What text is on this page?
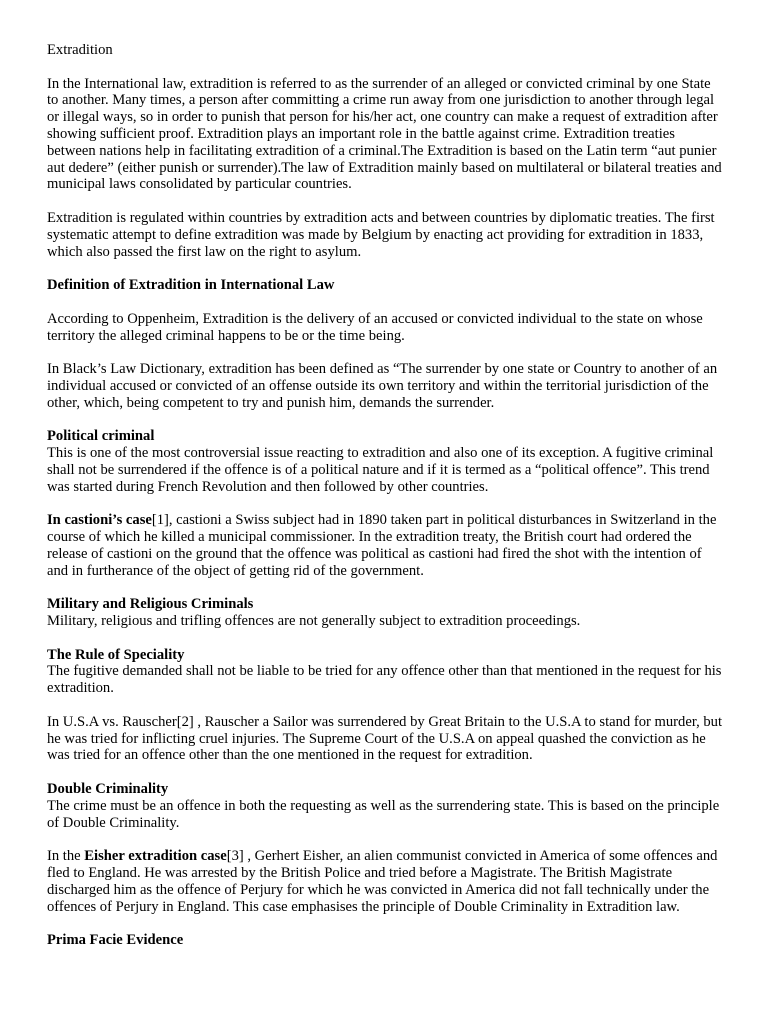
Extradition

In the International law, extradition is referred to as the surrender of an alleged or convicted criminal by one State to another. Many times, a person after committing a crime run away from one jurisdiction to another through legal or illegal ways, so in order to punish that person for his/her act, one country can make a request of extradition after showing sufficient proof. Extradition plays an important role in the battle against crime. Extradition treaties between nations help in facilitating extradition of a criminal.The Extradition is based on the Latin term “aut punier aut dedere” (either punish or surrender).The law of Extradition mainly based on multilateral or bilateral treaties and municipal laws consolidated by particular countries.

Extradition is regulated within countries by extradition acts and between countries by diplomatic treaties. The first systematic attempt to define extradition was made by Belgium by enacting act providing for extradition in 1833, which also passed the first law on the right to asylum.

Definition of Extradition in International Law

According to Oppenheim, Extradition is the delivery of an accused or convicted individual to the state on whose territory the alleged criminal happens to be or the time being.

In Black’s Law Dictionary, extradition has been defined as “The surrender by one state or Country to another of an individual accused or convicted of an offense outside its own territory and within the territorial jurisdiction of the other, which, being competent to try and punish him, demands the surrender.

Political criminal

This is one of the most controversial issue reacting to extradition and also one of its exception. A fugitive criminal shall not be surrendered if the offence is of a political nature and if it is termed as a “political offence”. This trend was started during French Revolution and then followed by other countries.

In castioni’s case[1], castioni a Swiss subject had in 1890 taken part in political disturbances in Switzerland in the course of which he killed a municipal commissioner. In the extradition treaty, the British court had ordered the release of castioni on the ground that the offence was political as castioni had fired the shot with the intention of and in furtherance of the object of getting rid of the government.

Military and Religious Criminals

Military, religious and trifling offences are not generally subject to extradition proceedings.

The Rule of Speciality

The fugitive demanded shall not be liable to be tried for any offence other than that mentioned in the request for his extradition.

In U.S.A vs. Rauscher[2] , Rauscher a Sailor was surrendered by Great Britain to the U.S.A to stand for murder, but he was tried for inflicting cruel injuries. The Supreme Court of the U.S.A on appeal quashed the conviction as he was tried for an offence other than the one mentioned in the request for extradition.

Double Criminality

The crime must be an offence in both the requesting as well as the surrendering state. This is based on the principle of Double Criminality.

In the Eisher extradition case[3] , Gerhert Eisher, an alien communist convicted in America of some offences and fled to England. He was arrested by the British Police and tried before a Magistrate. The British Magistrate discharged him as the offence of Perjury for which he was convicted in America did not fall technically under the offences of Perjury in England. This case emphasises the principle of Double Criminality in Extradition law.

Prima Facie Evidence
